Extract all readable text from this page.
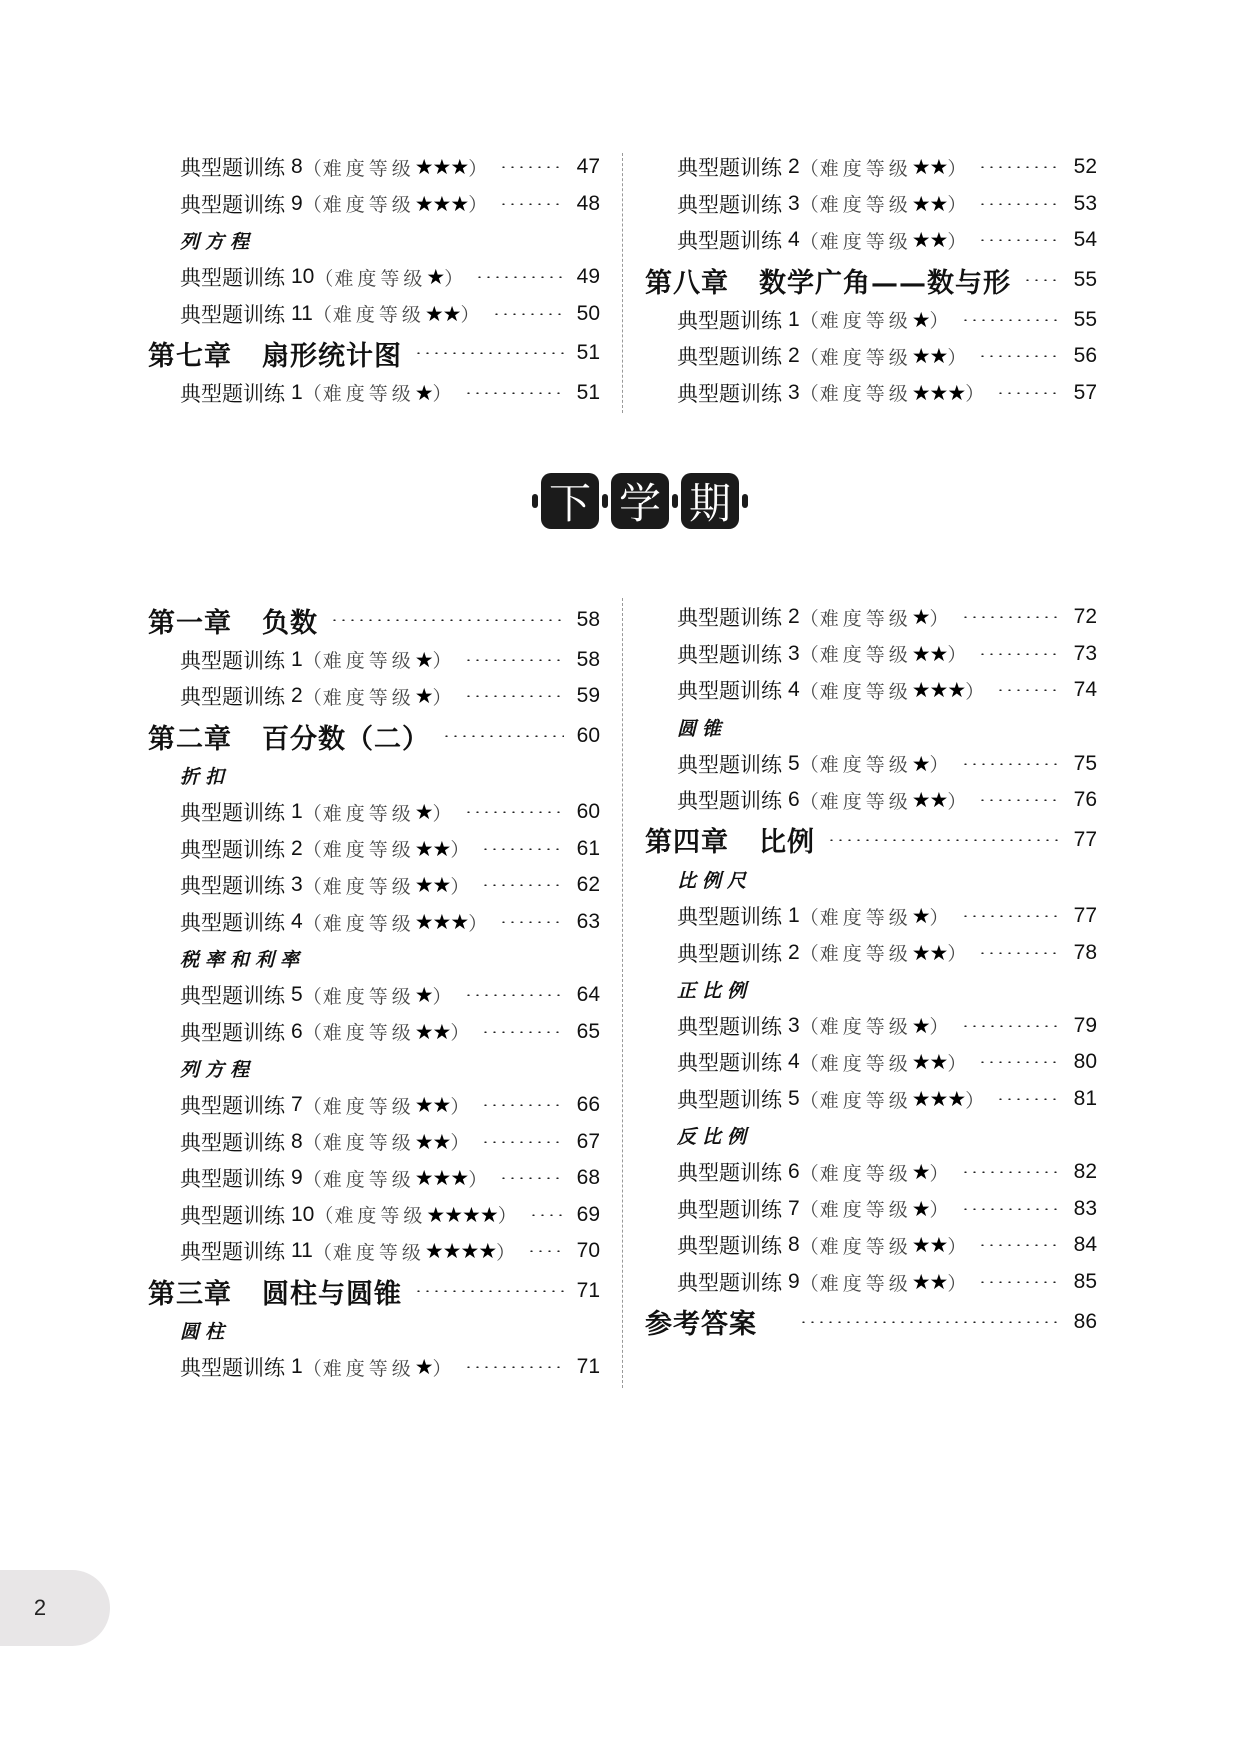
典型题训练 8 （ 难度等级 ★★★ ）	47
典型题训练 9 （ 难度等级 ★★★ ）	48
列方程
典型题训练 10 （ 难度等级 ★ ）	49
典型题训练 11 （ 难度等级 ★★ ）	50
第七章 扇形统计图	51
典型题训练 1 （ 难度等级 ★ ）	51
典型题训练 2 （ 难度等级 ★★ ）	52
典型题训练 3 （ 难度等级 ★★ ）	53
典型题训练 4 （ 难度等级 ★★ ）	54
第八章 数学广角——数与形	55
典型题训练 1 （ 难度等级 ★ ）	55
典型题训练 2 （ 难度等级 ★★ ）	56
典型题训练 3 （ 难度等级 ★★★ ）	57
下 学 期
第一章 负数	58
典型题训练 1 （ 难度等级 ★ ）	58
典型题训练 2 （ 难度等级 ★ ）	59
第二章 百分数（二）	60
折扣
典型题训练 1 （ 难度等级 ★ ）	60
典型题训练 2 （ 难度等级 ★★ ）	61
典型题训练 3 （ 难度等级 ★★ ）	62
典型题训练 4 （ 难度等级 ★★★ ）	63
税率和利率
典型题训练 5 （ 难度等级 ★ ）	64
典型题训练 6 （ 难度等级 ★★ ）	65
列方程
典型题训练 7 （ 难度等级 ★★ ）	66
典型题训练 8 （ 难度等级 ★★ ）	67
典型题训练 9 （ 难度等级 ★★★ ）	68
典型题训练 10 （ 难度等级 ★★★★ ）	69
典型题训练 11 （ 难度等级 ★★★★ ）	70
第三章 圆柱与圆锥	71
圆柱
典型题训练 1 （ 难度等级 ★ ）	71
典型题训练 2 （ 难度等级 ★ ）	72
典型题训练 3 （ 难度等级 ★★ ）	73
典型题训练 4 （ 难度等级 ★★★ ）	74
圆锥
典型题训练 5 （ 难度等级 ★ ）	75
典型题训练 6 （ 难度等级 ★★ ）	76
第四章 比例	77
比例尺
典型题训练 1 （ 难度等级 ★ ）	77
典型题训练 2 （ 难度等级 ★★ ）	78
正比例
典型题训练 3 （ 难度等级 ★ ）	79
典型题训练 4 （ 难度等级 ★★ ）	80
典型题训练 5 （ 难度等级 ★★★ ）	81
反比例
典型题训练 6 （ 难度等级 ★ ）	82
典型题训练 7 （ 难度等级 ★ ）	83
典型题训练 8 （ 难度等级 ★★ ）	84
典型题训练 9 （ 难度等级 ★★ ）	85
参考答案	86
2
